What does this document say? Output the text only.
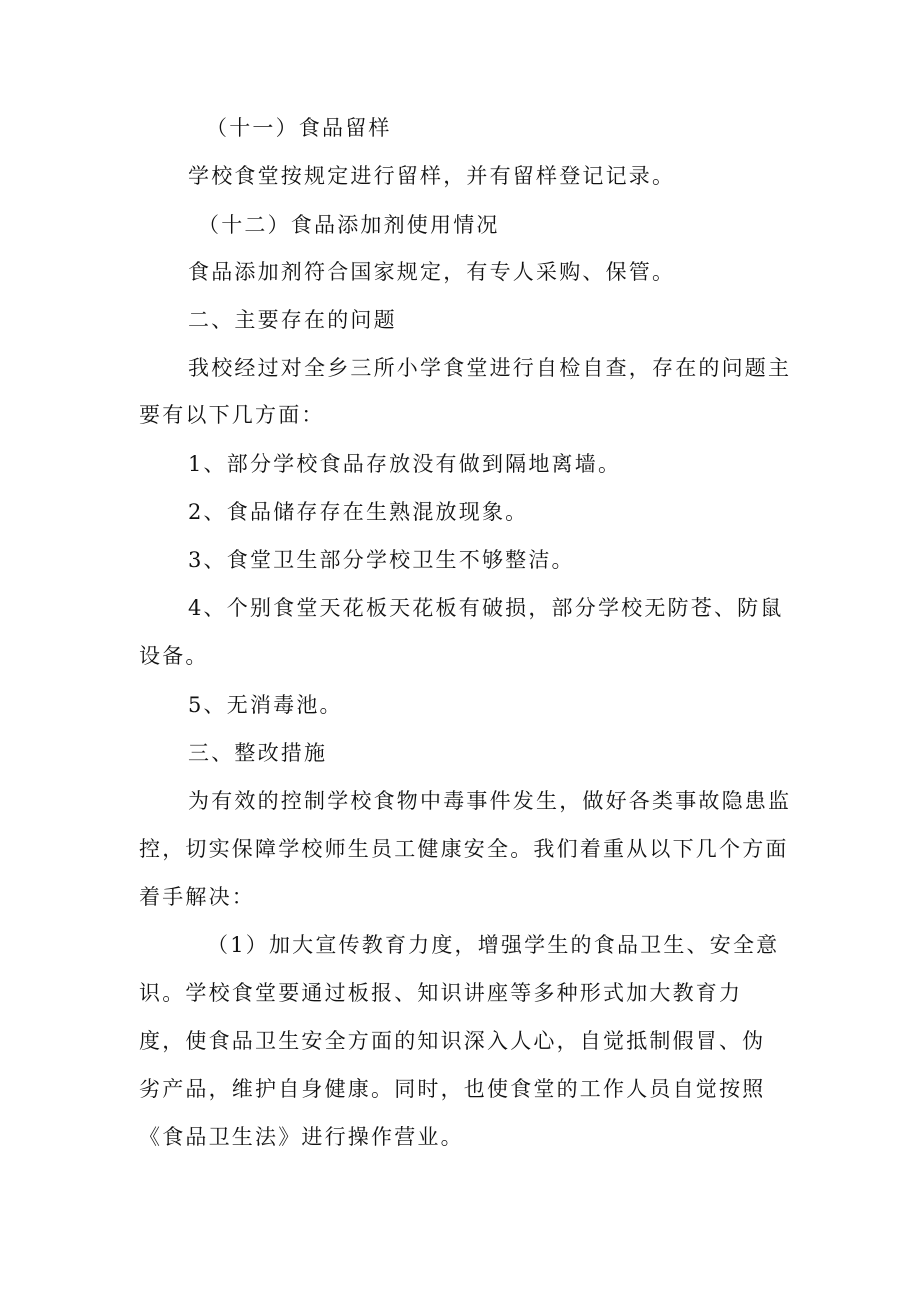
（十一）食品留样
学校食堂按规定进行留样，并有留样登记记录。
（十二）食品添加剂使用情况
食品添加剂符合国家规定，有专人采购、保管。
二、主要存在的问题
我校经过对全乡三所小学食堂进行自检自查，存在的问题主
要有以下几方面：
1、部分学校食品存放没有做到隔地离墙。
2、食品储存存在生熟混放现象。
3、食堂卫生部分学校卫生不够整洁。
4、个别食堂天花板天花板有破损，部分学校无防苍、防鼠
设备。
5、无消毒池。
三、整改措施
为有效的控制学校食物中毒事件发生，做好各类事故隐患监
控，切实保障学校师生员工健康安全。我们着重从以下几个方面
着手解决：
（1）加大宣传教育力度，增强学生的食品卫生、安全意
识。学校食堂要通过板报、知识讲座等多种形式加大教育力
度，使食品卫生安全方面的知识深入人心，自觉抵制假冒、伪
劣产品，维护自身健康。同时，也使食堂的工作人员自觉按照
《食品卫生法》进行操作营业。
